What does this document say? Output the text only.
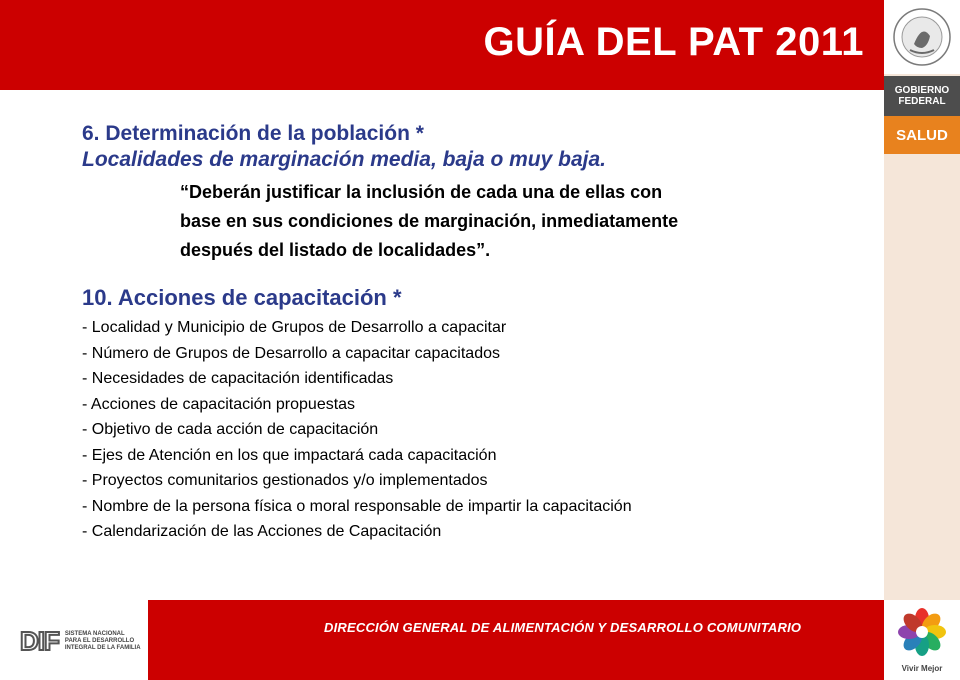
GUÍA DEL PAT 2011
GOBIERNO
FEDERAL
SALUD
6. Determinación de la población *
Localidades de marginación media, baja o muy baja.
“Deberán justificar la inclusión de cada una de ellas con
base en sus condiciones de marginación, inmediatamente
después del listado de localidades”.
10. Acciones de capacitación *
- Localidad y Municipio de Grupos de Desarrollo a capacitar
- Número de Grupos de Desarrollo a capacitar capacitados
- Necesidades de capacitación identificadas
- Acciones de capacitación propuestas
- Objetivo de cada acción de capacitación
- Ejes de Atención en los que impactará cada capacitación
- Proyectos comunitarios gestionados y/o implementados
- Nombre de la persona física o moral responsable de impartir la capacitación
- Calendarización de las Acciones de Capacitación
DIF SISTEMA NACIONAL
PARA EL DESARROLLO
INTEGRAL DE LA FAMILIA
DIRECCIÓN GENERAL DE ALIMENTACIÓN Y DESARROLLO COMUNITARIO
Vivir Mejor
